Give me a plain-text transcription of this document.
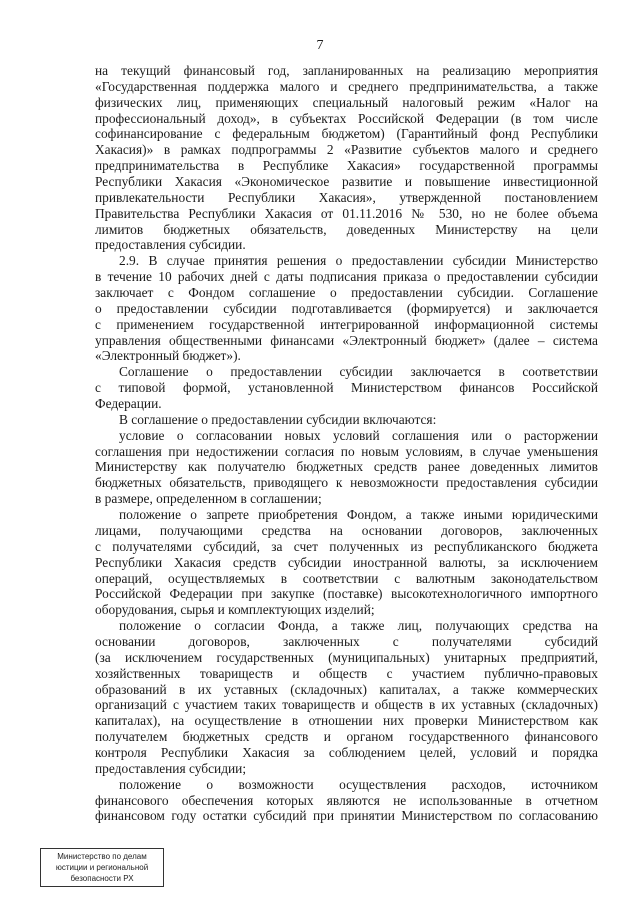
7
на текущий финансовый год, запланированных на реализацию мероприятия
«Государственная поддержка малого и среднего предпринимательства, а также
физических лиц, применяющих специальный налоговый режим «Налог на
профессиональный доход», в субъектах Российской Федерации (в том числе
софинансирование с федеральным бюджетом) (Гарантийный фонд Республики
Хакасия)» в рамках подпрограммы 2 «Развитие субъектов малого и среднего
предпринимательства в Республике Хакасия» государственной программы
Республики Хакасия «Экономическое развитие и повышение инвестиционной
привлекательности Республики Хакасия», утвержденной постановлением
Правительства Республики Хакасия от 01.11.2016 № 530, но не более объема
лимитов бюджетных обязательств, доведенных Министерству на цели
предоставления субсидии.
2.9. В случае принятия решения о предоставлении субсидии Министерство
в течение 10 рабочих дней с даты подписания приказа о предоставлении субсидии
заключает с Фондом соглашение о предоставлении субсидии. Соглашение
о предоставлении субсидии подготавливается (формируется) и заключается
с применением государственной интегрированной информационной системы
управления общественными финансами «Электронный бюджет» (далее – система
«Электронный бюджет»).
Соглашение о предоставлении субсидии заключается в соответствии
с типовой формой, установленной Министерством финансов Российской
Федерации.
В соглашение о предоставлении субсидии включаются:
условие о согласовании новых условий соглашения или о расторжении
соглашения при недостижении согласия по новым условиям, в случае уменьшения
Министерству как получателю бюджетных средств ранее доведенных лимитов
бюджетных обязательств, приводящего к невозможности предоставления субсидии
в размере, определенном в соглашении;
положение о запрете приобретения Фондом, а также иными юридическими
лицами, получающими средства на основании договоров, заключенных
с получателями субсидий, за счет полученных из республиканского бюджета
Республики Хакасия средств субсидии иностранной валюты, за исключением
операций, осуществляемых в соответствии с валютным законодательством
Российской Федерации при закупке (поставке) высокотехнологичного импортного
оборудования, сырья и комплектующих изделий;
положение о согласии Фонда, а также лиц, получающих средства на
основании договоров, заключенных с получателями субсидий
(за исключением государственных (муниципальных) унитарных предприятий,
хозяйственных товариществ и обществ с участием публично-правовых
образований в их уставных (складочных) капиталах, а также коммерческих
организаций с участием таких товариществ и обществ в их уставных (складочных)
капиталах), на осуществление в отношении них проверки Министерством как
получателем бюджетных средств и органом государственного финансового
контроля Республики Хакасия за соблюдением целей, условий и порядка
предоставления субсидии;
положение о возможности осуществления расходов, источником
финансового обеспечения которых являются не использованные в отчетном
финансовом году остатки субсидий при принятии Министерством по согласованию
Министерство по делам
юстиции и региональной
безопасности РХ
